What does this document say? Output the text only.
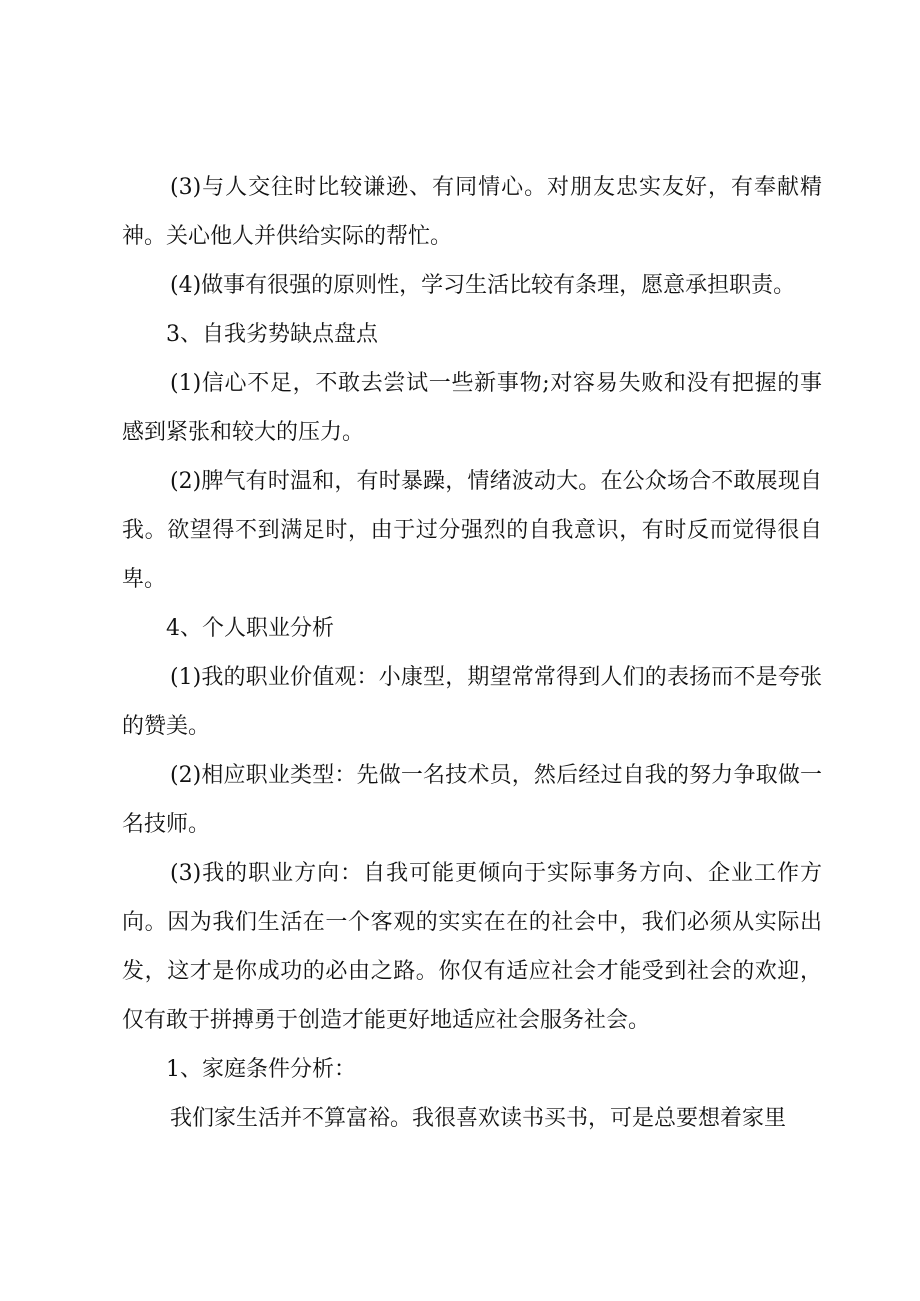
(3)与人交往时比较谦逊、有同情心。对朋友忠实友好，有奉献精神。关心他人并供给实际的帮忙。

(4)做事有很强的原则性，学习生活比较有条理，愿意承担职责。

3、自我劣势缺点盘点

(1)信心不足，不敢去尝试一些新事物;对容易失败和没有把握的事感到紧张和较大的压力。

(2)脾气有时温和，有时暴躁，情绪波动大。在公众场合不敢展现自我。欲望得不到满足时，由于过分强烈的自我意识，有时反而觉得很自卑。

4、个人职业分析

(1)我的职业价值观：小康型，期望常常得到人们的表扬而不是夸张的赞美。

(2)相应职业类型：先做一名技术员，然后经过自我的努力争取做一名技师。

(3)我的职业方向：自我可能更倾向于实际事务方向、企业工作方向。因为我们生活在一个客观的实实在在的社会中，我们必须从实际出发，这才是你成功的必由之路。你仅有适应社会才能受到社会的欢迎，仅有敢于拼搏勇于创造才能更好地适应社会服务社会。

1、家庭条件分析：

我们家生活并不算富裕。我很喜欢读书买书，可是总要想着家里
